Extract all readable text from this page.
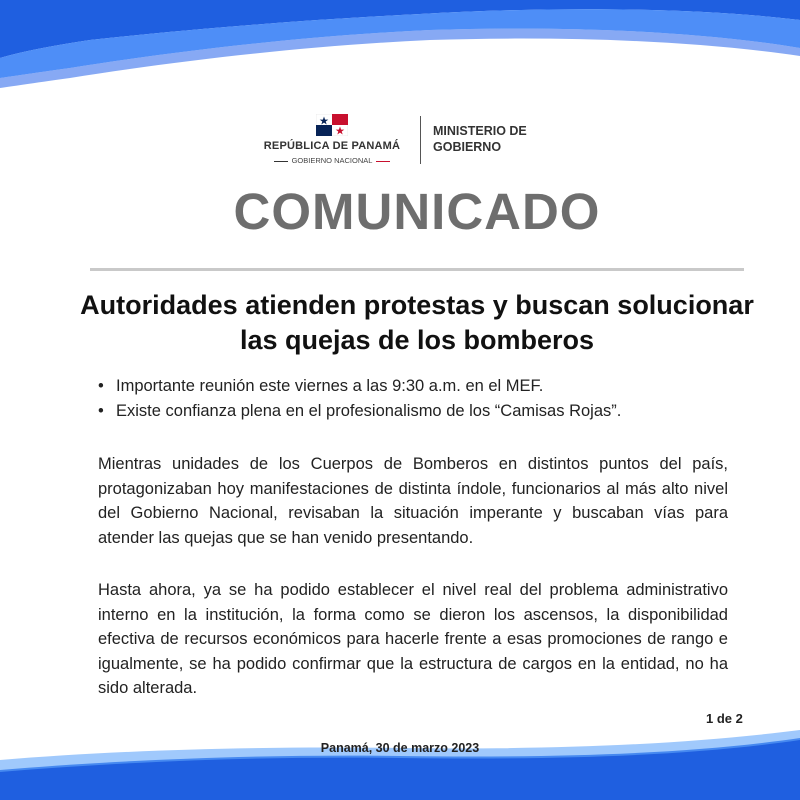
REPÚBLICA DE PANAMÁ
GOBIERNO NACIONAL
MINISTERIO DE
GOBIERNO
COMUNICADO
Autoridades atienden protestas y buscan solucionar las quejas de los bomberos
• Importante reunión este viernes a las 9:30 a.m. en el MEF.
• Existe confianza plena en el profesionalismo de los “Camisas Rojas”.

Mientras unidades de los Cuerpos de Bomberos en distintos puntos del país, protagonizaban hoy manifestaciones de distinta índole, funcionarios al más alto nivel del Gobierno Nacional, revisaban la situación imperante y buscaban vías para atender las quejas que se han venido presentando.

Hasta ahora, ya se ha podido establecer el nivel real del problema administrativo interno en la institución, la forma como se dieron los ascensos, la disponibilidad efectiva de recursos económicos para hacerle frente a esas promociones de rango e igualmente, se ha podido confirmar que la estructura de cargos en la entidad, no ha sido alterada.

1 de 2
Panamá, 30 de marzo 2023
